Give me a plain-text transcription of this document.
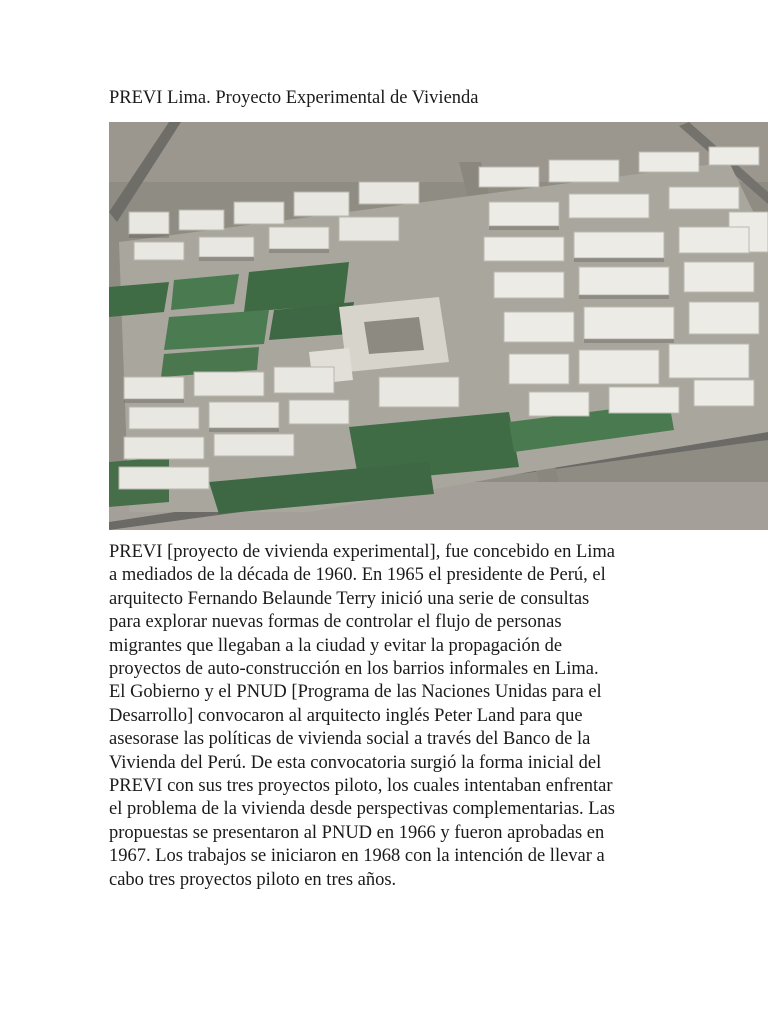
PREVI Lima. Proyecto Experimental de Vivienda
PREVI [proyecto de vivienda experimental], fue concebido en Lima
a mediados de la década de 1960. En 1965 el presidente de Perú, el
arquitecto Fernando Belaunde Terry inició una serie de consultas
para explorar nuevas formas de controlar el flujo de personas
migrantes que llegaban a la ciudad y evitar la propagación de
proyectos de auto-construcción en los barrios informales en Lima.
El Gobierno y el PNUD [Programa de las Naciones Unidas para el
Desarrollo] convocaron al arquitecto inglés Peter Land para que
asesorase las políticas de vivienda social a través del Banco de la
Vivienda del Perú. De esta convocatoria surgió la forma inicial del
PREVI con sus tres proyectos piloto, los cuales intentaban enfrentar
el problema de la vivienda desde perspectivas complementarias. Las
propuestas se presentaron al PNUD en 1966 y fueron aprobadas en
1967. Los trabajos se iniciaron en 1968 con la intención de llevar a
cabo tres proyectos piloto en tres años.
